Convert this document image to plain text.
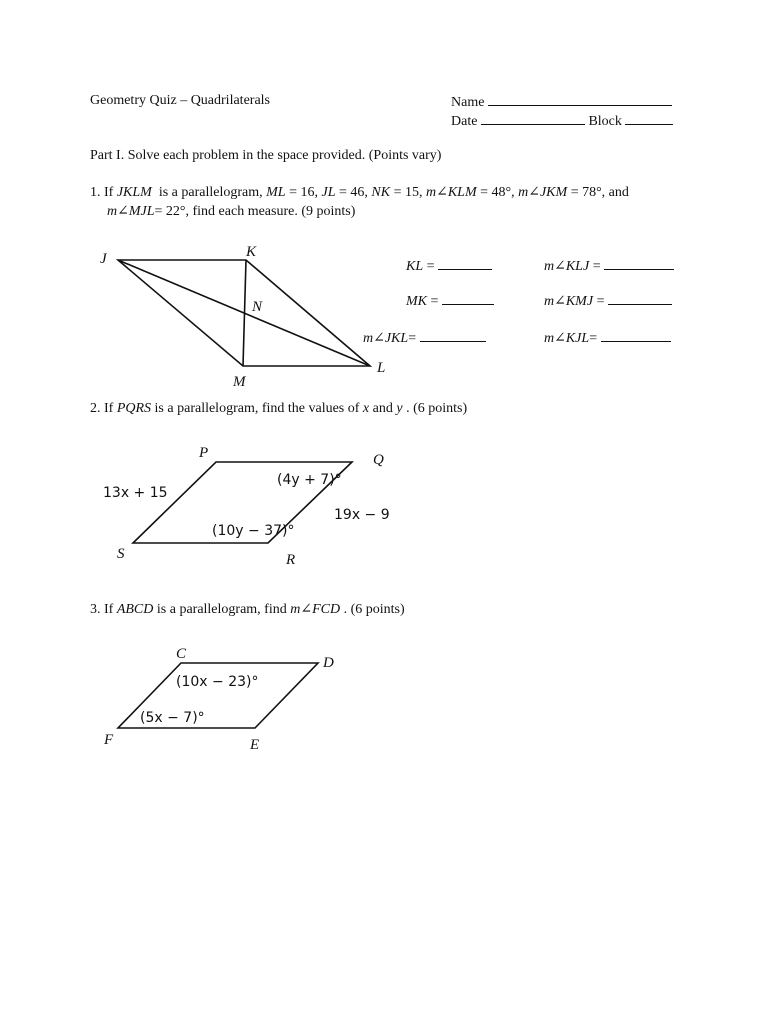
Geometry Quiz – Quadrilaterals	Name
Date	Block
Part I. Solve each problem in the space provided. (Points vary)
1. If JKLM  is a parallelogram, ML = 16, JL = 46, NK = 15, m∠KLM = 48°, m∠JKM = 78°, and
m∠MJL= 22°, find each measure. (9 points)
J	K
L
M
N
KL =
MK =
m∠JKL=
m∠KLJ =
m∠KMJ =
m∠KJL=
2. If PQRS is a parallelogram, find the values of x and y . (6 points)
P	Q
R
S
13x + 15
(4y + 7)°
19x − 9
(10y − 37)°
3. If ABCD is a parallelogram, find m∠FCD . (6 points)
C
D
E
F
(10x − 23)°
(5x − 7)°
